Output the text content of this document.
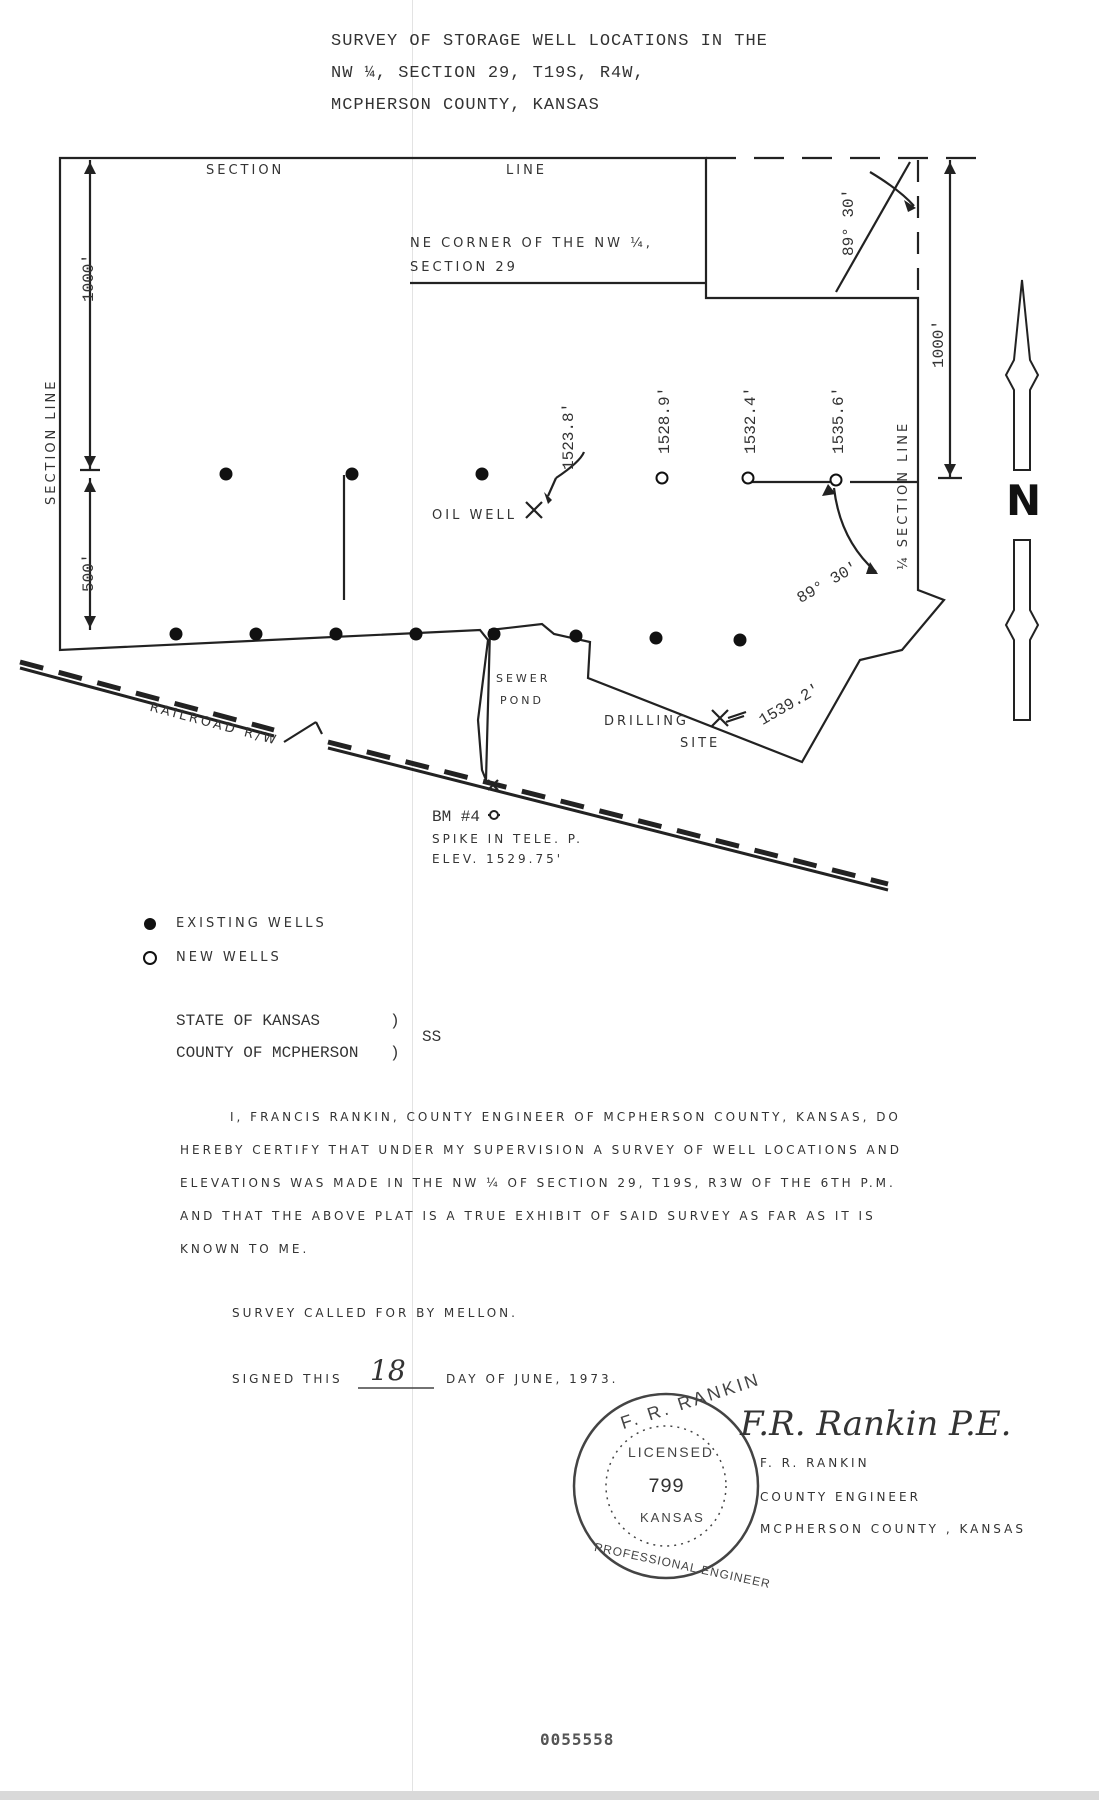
SURVEY OF STORAGE WELL LOCATIONS IN THE
NW ¼, SECTION 29, T19S, R4W,
MCPHERSON COUNTY, KANSAS
SECTION	LINE
SECTION LINE	¼ SECTION LINE
NE CORNER OF THE NW ¼,
SECTION 29
1000'
500'
1000'
89° 30'
89° 30'
1523.8'	1528.9'	1532.4'	1535.6'
1539.2'
OIL WELL
SEWER
POND
DRILLING
SITE
RAILROAD R/W
BM #4
SPIKE IN TELE. P.
ELEV. 1529.75'
N
EXISTING WELLS
NEW WELLS
STATE OF KANSAS	)
COUNTY OF MCPHERSON )
SS
I, FRANCIS RANKIN, COUNTY ENGINEER OF MCPHERSON COUNTY, KANSAS, DO
HEREBY CERTIFY THAT UNDER MY SUPERVISION A SURVEY OF WELL LOCATIONS AND
ELEVATIONS WAS MADE IN THE NW ¼ OF SECTION 29, T19S, R3W OF THE 6TH P.M.
AND THAT THE ABOVE PLAT IS A TRUE EXHIBIT OF SAID SURVEY AS FAR AS IT IS
KNOWN TO ME.
SURVEY CALLED FOR BY MELLON.
SIGNED THIS 18	DAY OF JUNE, 1973. F. R. RANKIN
LICENSED
799
KANSAS
PROFESSIONAL ENGINEER
F.R. Rankin P.E.
F. R. RANKIN
COUNTY ENGINEER
MCPHERSON COUNTY , KANSAS
0055558
